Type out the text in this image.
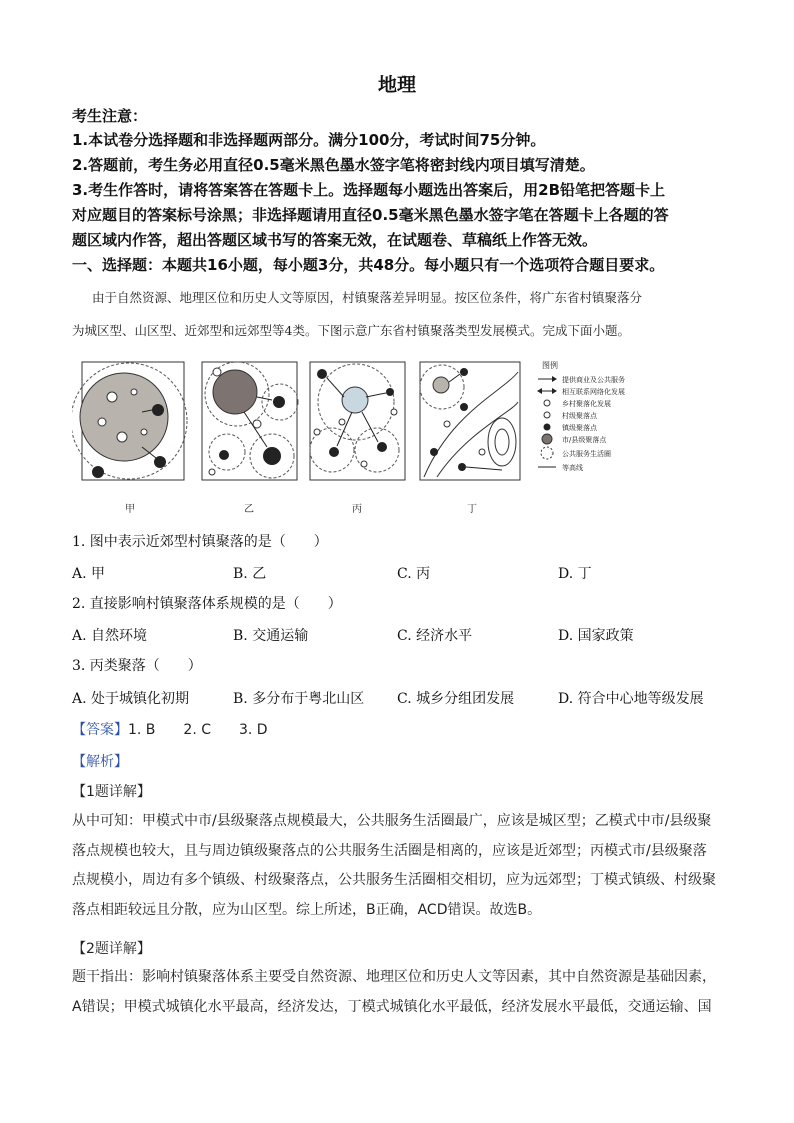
地理
考生注意：
1.本试卷分选择题和非选择题两部分。满分100分，考试时间75分钟。
2.答题前，考生务必用直径0.5毫米黑色墨水签字笔将密封线内项目填写清楚。
3.考生作答时，请将答案答在答题卡上。选择题每小题选出答案后，用2B铅笔把答题卡上
对应题目的答案标号涂黑；非选择题请用直径0.5毫米黑色墨水签字笔在答题卡上各题的答
题区域内作答，超出答题区域书写的答案无效，在试题卷、草稿纸上作答无效。
一、选择题：本题共16小题，每小题3分，共48分。每小题只有一个选项符合题目要求。
由于自然资源、地理区位和历史人文等原因，村镇聚落差异明显。按区位条件，将广东省村镇聚落分
为城区型、山区型、近郊型和远郊型等4类。下图示意广东省村镇聚落类型发展模式。完成下面小题。
图例
提供商业及公共服务
相互联系网络化发展
乡村聚落化发展
村级聚落点
镇级聚落点
市/县级聚落点
公共服务生活圈
等高线
甲	乙	丙	丁
1. 图中表示近郊型村镇聚落的是（　　）
A. 甲	B. 乙	C. 丙	D. 丁
2. 直接影响村镇聚落体系规模的是（　　）
A. 自然环境	B. 交通运输	C. 经济水平	D. 国家政策
3. 丙类聚落（　　）
A. 处于城镇化初期	B. 多分布于粤北山区 C. 城乡分组团发展	D. 符合中心地等级发展
【答案】1. B　　2. C　　3. D
【解析】
【1题详解】
从中可知：甲模式中市/县级聚落点规模最大，公共服务生活圈最广，应该是城区型；乙模式中市/县级聚
落点规模也较大，且与周边镇级聚落点的公共服务生活圈是相离的，应该是近郊型；丙模式市/县级聚落
点规模小，周边有多个镇级、村级聚落点，公共服务生活圈相交相切，应为远郊型；丁模式镇级、村级聚
落点相距较远且分散，应为山区型。综上所述，B正确，ACD错误。故选B。
【2题详解】
题干指出：影响村镇聚落体系主要受自然资源、地理区位和历史人文等因素，其中自然资源是基础因素，
A错误；甲模式城镇化水平最高，经济发达，丁模式城镇化水平最低，经济发展水平最低，交通运输、国
